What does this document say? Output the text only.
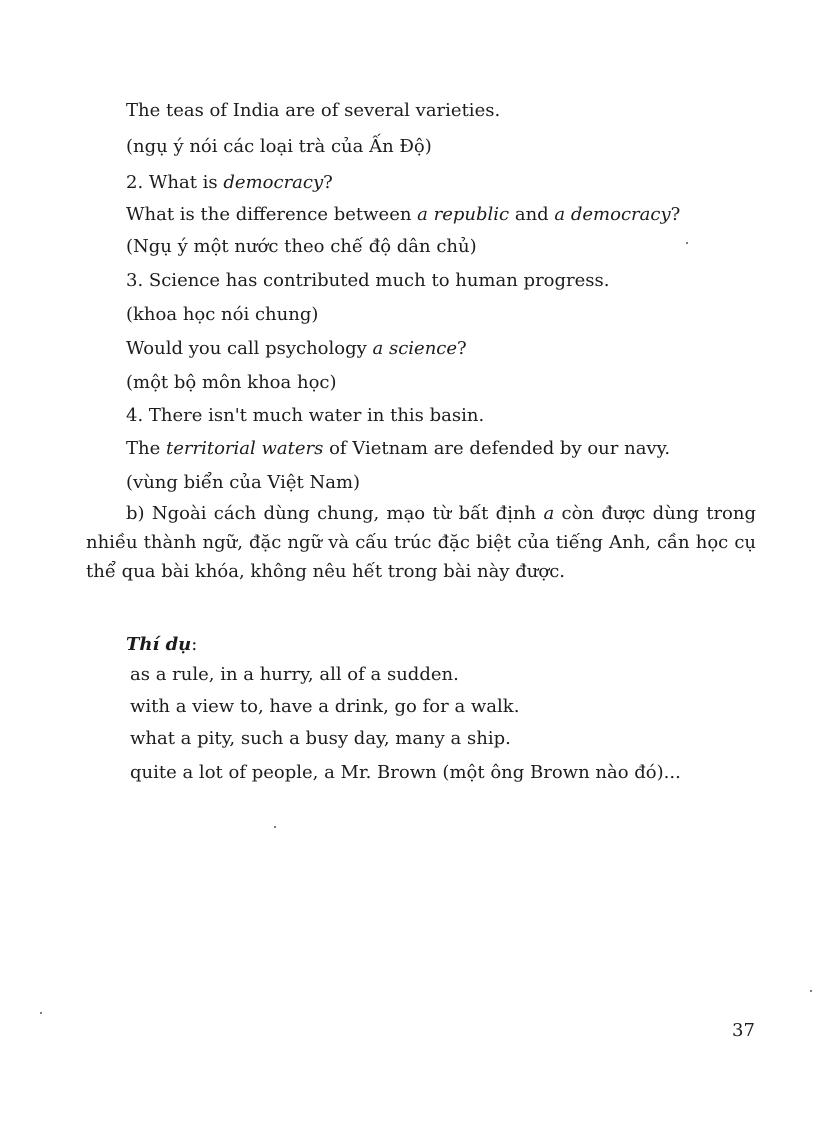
The teas of India are of several varieties.
(ngụ ý nói các loại trà của Ấn Độ)
2. What is democracy?
What is the difference between a republic and a democracy?
(Ngụ ý một nước theo chế độ dân chủ)
3. Science has contributed much to human progress.
(khoa học nói chung)
Would you call psychology a science?
(một bộ môn khoa học)
4. There isn't much water in this basin.
The territorial waters of Vietnam are defended by our navy.
(vùng biển của Việt Nam)
b) Ngoài cách dùng chung, mạo từ bất định a còn được dùng trong nhiều thành ngữ, đặc ngữ và cấu trúc đặc biệt của tiếng Anh, cần học cụ thể qua bài khóa, không nêu hết trong bài này được.
Thí dụ:
as a rule, in a hurry, all of a sudden.
with a view to, have a drink, go for a walk.
what a pity, such a busy day, many a ship.
quite a lot of people, a Mr. Brown (một ông Brown nào đó)...
37
